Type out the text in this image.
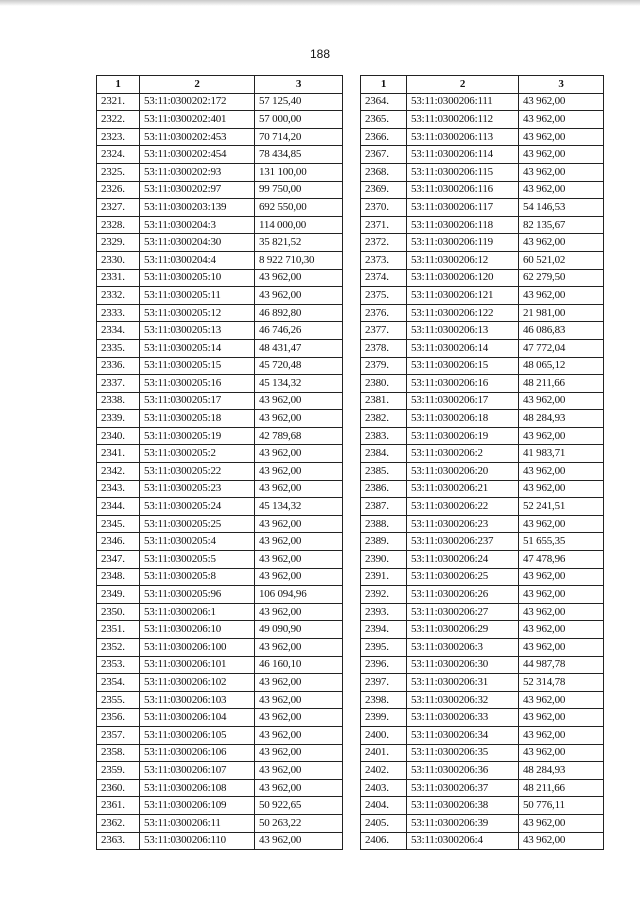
188
1	2	3
2321.	53:11:0300202:172	57 125,40
2322.	53:11:0300202:401	57 000,00
2323.	53:11:0300202:453	70 714,20
2324.	53:11:0300202:454	78 434,85
2325.	53:11:0300202:93	131 100,00
2326.	53:11:0300202:97	99 750,00
2327.	53:11:0300203:139	692 550,00
2328.	53:11:0300204:3	114 000,00
2329.	53:11:0300204:30	35 821,52
2330.	53:11:0300204:4	8 922 710,30
2331.	53:11:0300205:10	43 962,00
2332.	53:11:0300205:11	43 962,00
2333.	53:11:0300205:12	46 892,80
2334.	53:11:0300205:13	46 746,26
2335.	53:11:0300205:14	48 431,47
2336.	53:11:0300205:15	45 720,48
2337.	53:11:0300205:16	45 134,32
2338.	53:11:0300205:17	43 962,00
2339.	53:11:0300205:18	43 962,00
2340.	53:11:0300205:19	42 789,68
2341.	53:11:0300205:2	43 962,00
2342.	53:11:0300205:22	43 962,00
2343.	53:11:0300205:23	43 962,00
2344.	53:11:0300205:24	45 134,32
2345.	53:11:0300205:25	43 962,00
2346.	53:11:0300205:4	43 962,00
2347.	53:11:0300205:5	43 962,00
2348.	53:11:0300205:8	43 962,00
2349.	53:11:0300205:96	106 094,96
2350.	53:11:0300206:1	43 962,00
2351.	53:11:0300206:10	49 090,90
2352.	53:11:0300206:100	43 962,00
2353.	53:11:0300206:101	46 160,10
2354.	53:11:0300206:102	43 962,00
2355.	53:11:0300206:103	43 962,00
2356.	53:11:0300206:104	43 962,00
2357.	53:11:0300206:105	43 962,00
2358.	53:11:0300206:106	43 962,00
2359.	53:11:0300206:107	43 962,00
2360.	53:11:0300206:108	43 962,00
2361.	53:11:0300206:109	50 922,65
2362.	53:11:0300206:11	50 263,22
2363.	53:11:0300206:110	43 962,00
1	2	3
2364.	53:11:0300206:111	43 962,00
2365.	53:11:0300206:112	43 962,00
2366.	53:11:0300206:113	43 962,00
2367.	53:11:0300206:114	43 962,00
2368.	53:11:0300206:115	43 962,00
2369.	53:11:0300206:116	43 962,00
2370.	53:11:0300206:117	54 146,53
2371.	53:11:0300206:118	82 135,67
2372.	53:11:0300206:119	43 962,00
2373.	53:11:0300206:12	60 521,02
2374.	53:11:0300206:120	62 279,50
2375.	53:11:0300206:121	43 962,00
2376.	53:11:0300206:122	21 981,00
2377.	53:11:0300206:13	46 086,83
2378.	53:11:0300206:14	47 772,04
2379.	53:11:0300206:15	48 065,12
2380.	53:11:0300206:16	48 211,66
2381.	53:11:0300206:17	43 962,00
2382.	53:11:0300206:18	48 284,93
2383.	53:11:0300206:19	43 962,00
2384.	53:11:0300206:2	41 983,71
2385.	53:11:0300206:20	43 962,00
2386.	53:11:0300206:21	43 962,00
2387.	53:11:0300206:22	52 241,51
2388.	53:11:0300206:23	43 962,00
2389.	53:11:0300206:237	51 655,35
2390.	53:11:0300206:24	47 478,96
2391.	53:11:0300206:25	43 962,00
2392.	53:11:0300206:26	43 962,00
2393.	53:11:0300206:27	43 962,00
2394.	53:11:0300206:29	43 962,00
2395.	53:11:0300206:3	43 962,00
2396.	53:11:0300206:30	44 987,78
2397.	53:11:0300206:31	52 314,78
2398.	53:11:0300206:32	43 962,00
2399.	53:11:0300206:33	43 962,00
2400.	53:11:0300206:34	43 962,00
2401.	53:11:0300206:35	43 962,00
2402.	53:11:0300206:36	48 284,93
2403.	53:11:0300206:37	48 211,66
2404.	53:11:0300206:38	50 776,11
2405.	53:11:0300206:39	43 962,00
2406.	53:11:0300206:4	43 962,00
